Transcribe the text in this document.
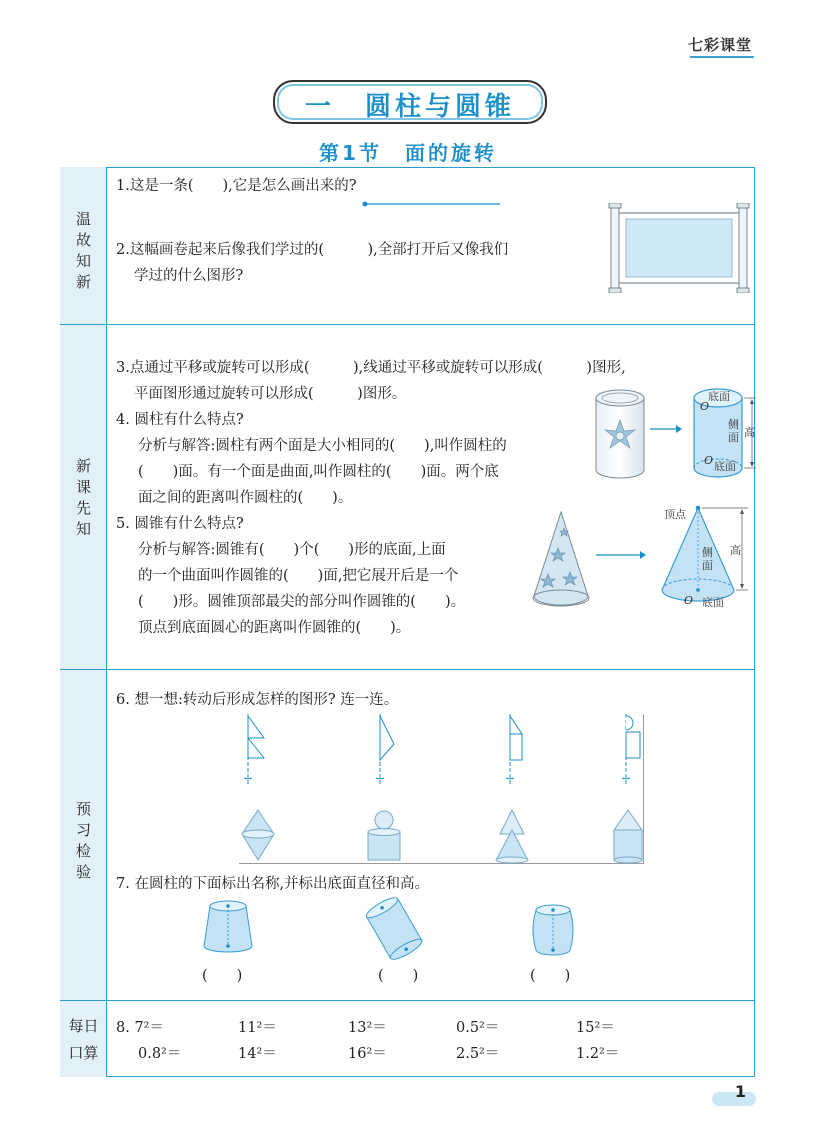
七彩课堂
一　圆柱与圆锥
第1节　面的旋转
温故知新
新课先知
预习检验
每日
口算
1.这是一条(　　),它是怎么画出来的?
2.这幅画卷起来后像我们学过的(　　　),全部打开后又像我们
学过的什么图形?
3.点通过平移或旋转可以形成(　　　),线通过平移或旋转可以形成(　　　)图形,
平面图形通过旋转可以形成(　　　)图形。
4. 圆柱有什么特点?
分析与解答:圆柱有两个面是大小相同的(　　),叫作圆柱的
(　　)面。有一个面是曲面,叫作圆柱的(　　)面。两个底
面之间的距离叫作圆柱的(　　)。
5. 圆锥有什么特点?
分析与解答:圆锥有(　　)个(　　)形的底面,上面
的一个曲面叫作圆锥的(　　)面,把它展开后是一个
(　　)形。圆锥顶部最尖的部分叫作圆锥的(　　)。
顶点到底面圆心的距离叫作圆锥的(　　)。
底面
O
侧面 高
O 底面
顶点
侧面
高
O 底面
6. 想一想:转动后形成怎样的图形? 连一连。
7. 在圆柱的下面标出名称,并标出底面直径和高。
(　　)	(　　)	(　　)
8. 7²＝	11²＝	13²＝	0.5²＝	15²＝
0.8²＝	14²＝	16²＝	2.5²＝	1.2²＝
1
